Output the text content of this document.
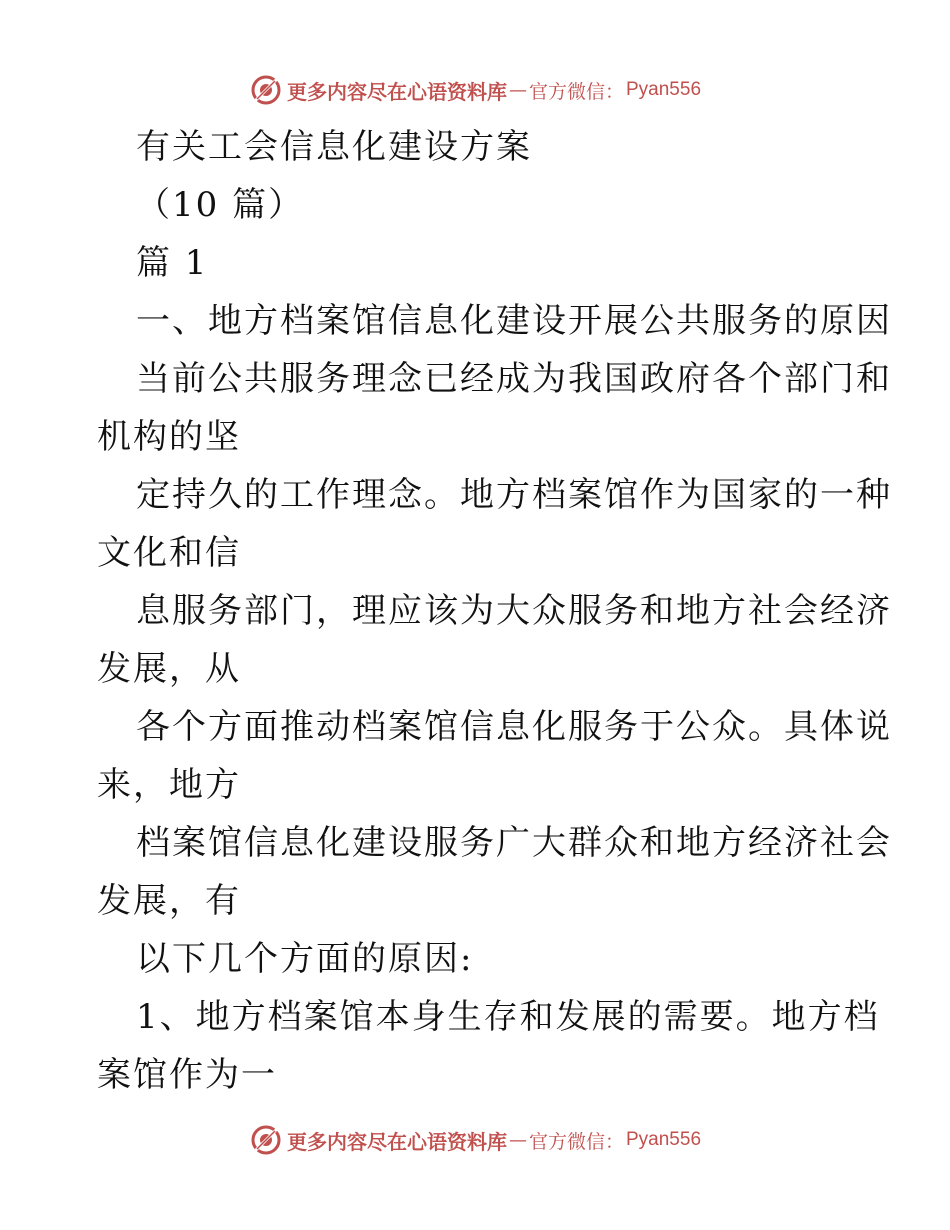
更多内容尽在心语资料库 — 官方微信： Pyan556
有关工会信息化建设方案
（10 篇）
篇 1
一、地方档案馆信息化建设开展公共服务的原因
当前公共服务理念已经成为我国政府各个部门和
机构的坚
定持久的工作理念。地方档案馆作为国家的一种
文化和信
息服务部门，理应该为大众服务和地方社会经济
发展，从
各个方面推动档案馆信息化服务于公众。具体说
来，地方
档案馆信息化建设服务广大群众和地方经济社会
发展，有
以下几个方面的原因:
1、地方档案馆本身生存和发展的需要。地方档
案馆作为一
更多内容尽在心语资料库 — 官方微信： Pyan556
